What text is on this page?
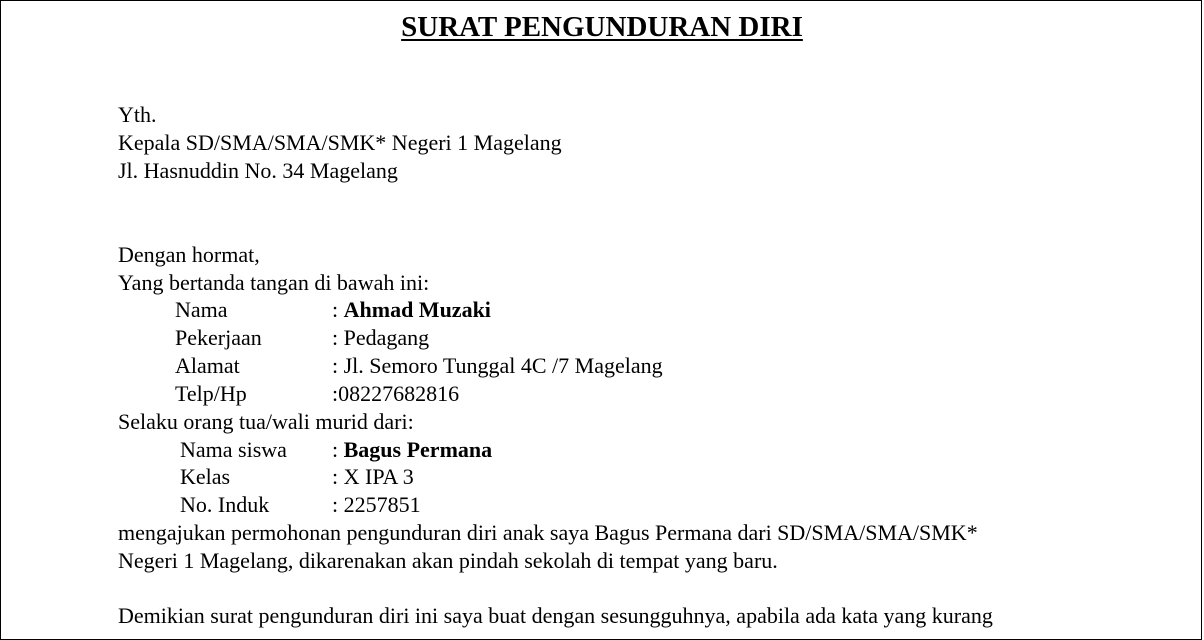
SURAT PENGUNDURAN DIRI
Yth.
Kepala SD/SMA/SMA/SMK* Negeri 1 Magelang
Jl. Hasnuddin No. 34 Magelang
Dengan hormat,
Yang bertanda tangan di bawah ini:
Nama	: Ahmad Muzaki
Pekerjaan	: Pedagang
Alamat	: Jl. Semoro Tunggal 4C /7 Magelang
Telp/Hp	:08227682816
Selaku orang tua/wali murid dari:
Nama siswa : Bagus Permana
Kelas	: X IPA 3
No. Induk	: 2257851
mengajukan permohonan pengunduran diri anak saya Bagus Permana dari SD/SMA/SMA/SMK*
Negeri 1 Magelang, dikarenakan akan pindah sekolah di tempat yang baru.
Demikian surat pengunduran diri ini saya buat dengan sesungguhnya, apabila ada kata yang kurang
